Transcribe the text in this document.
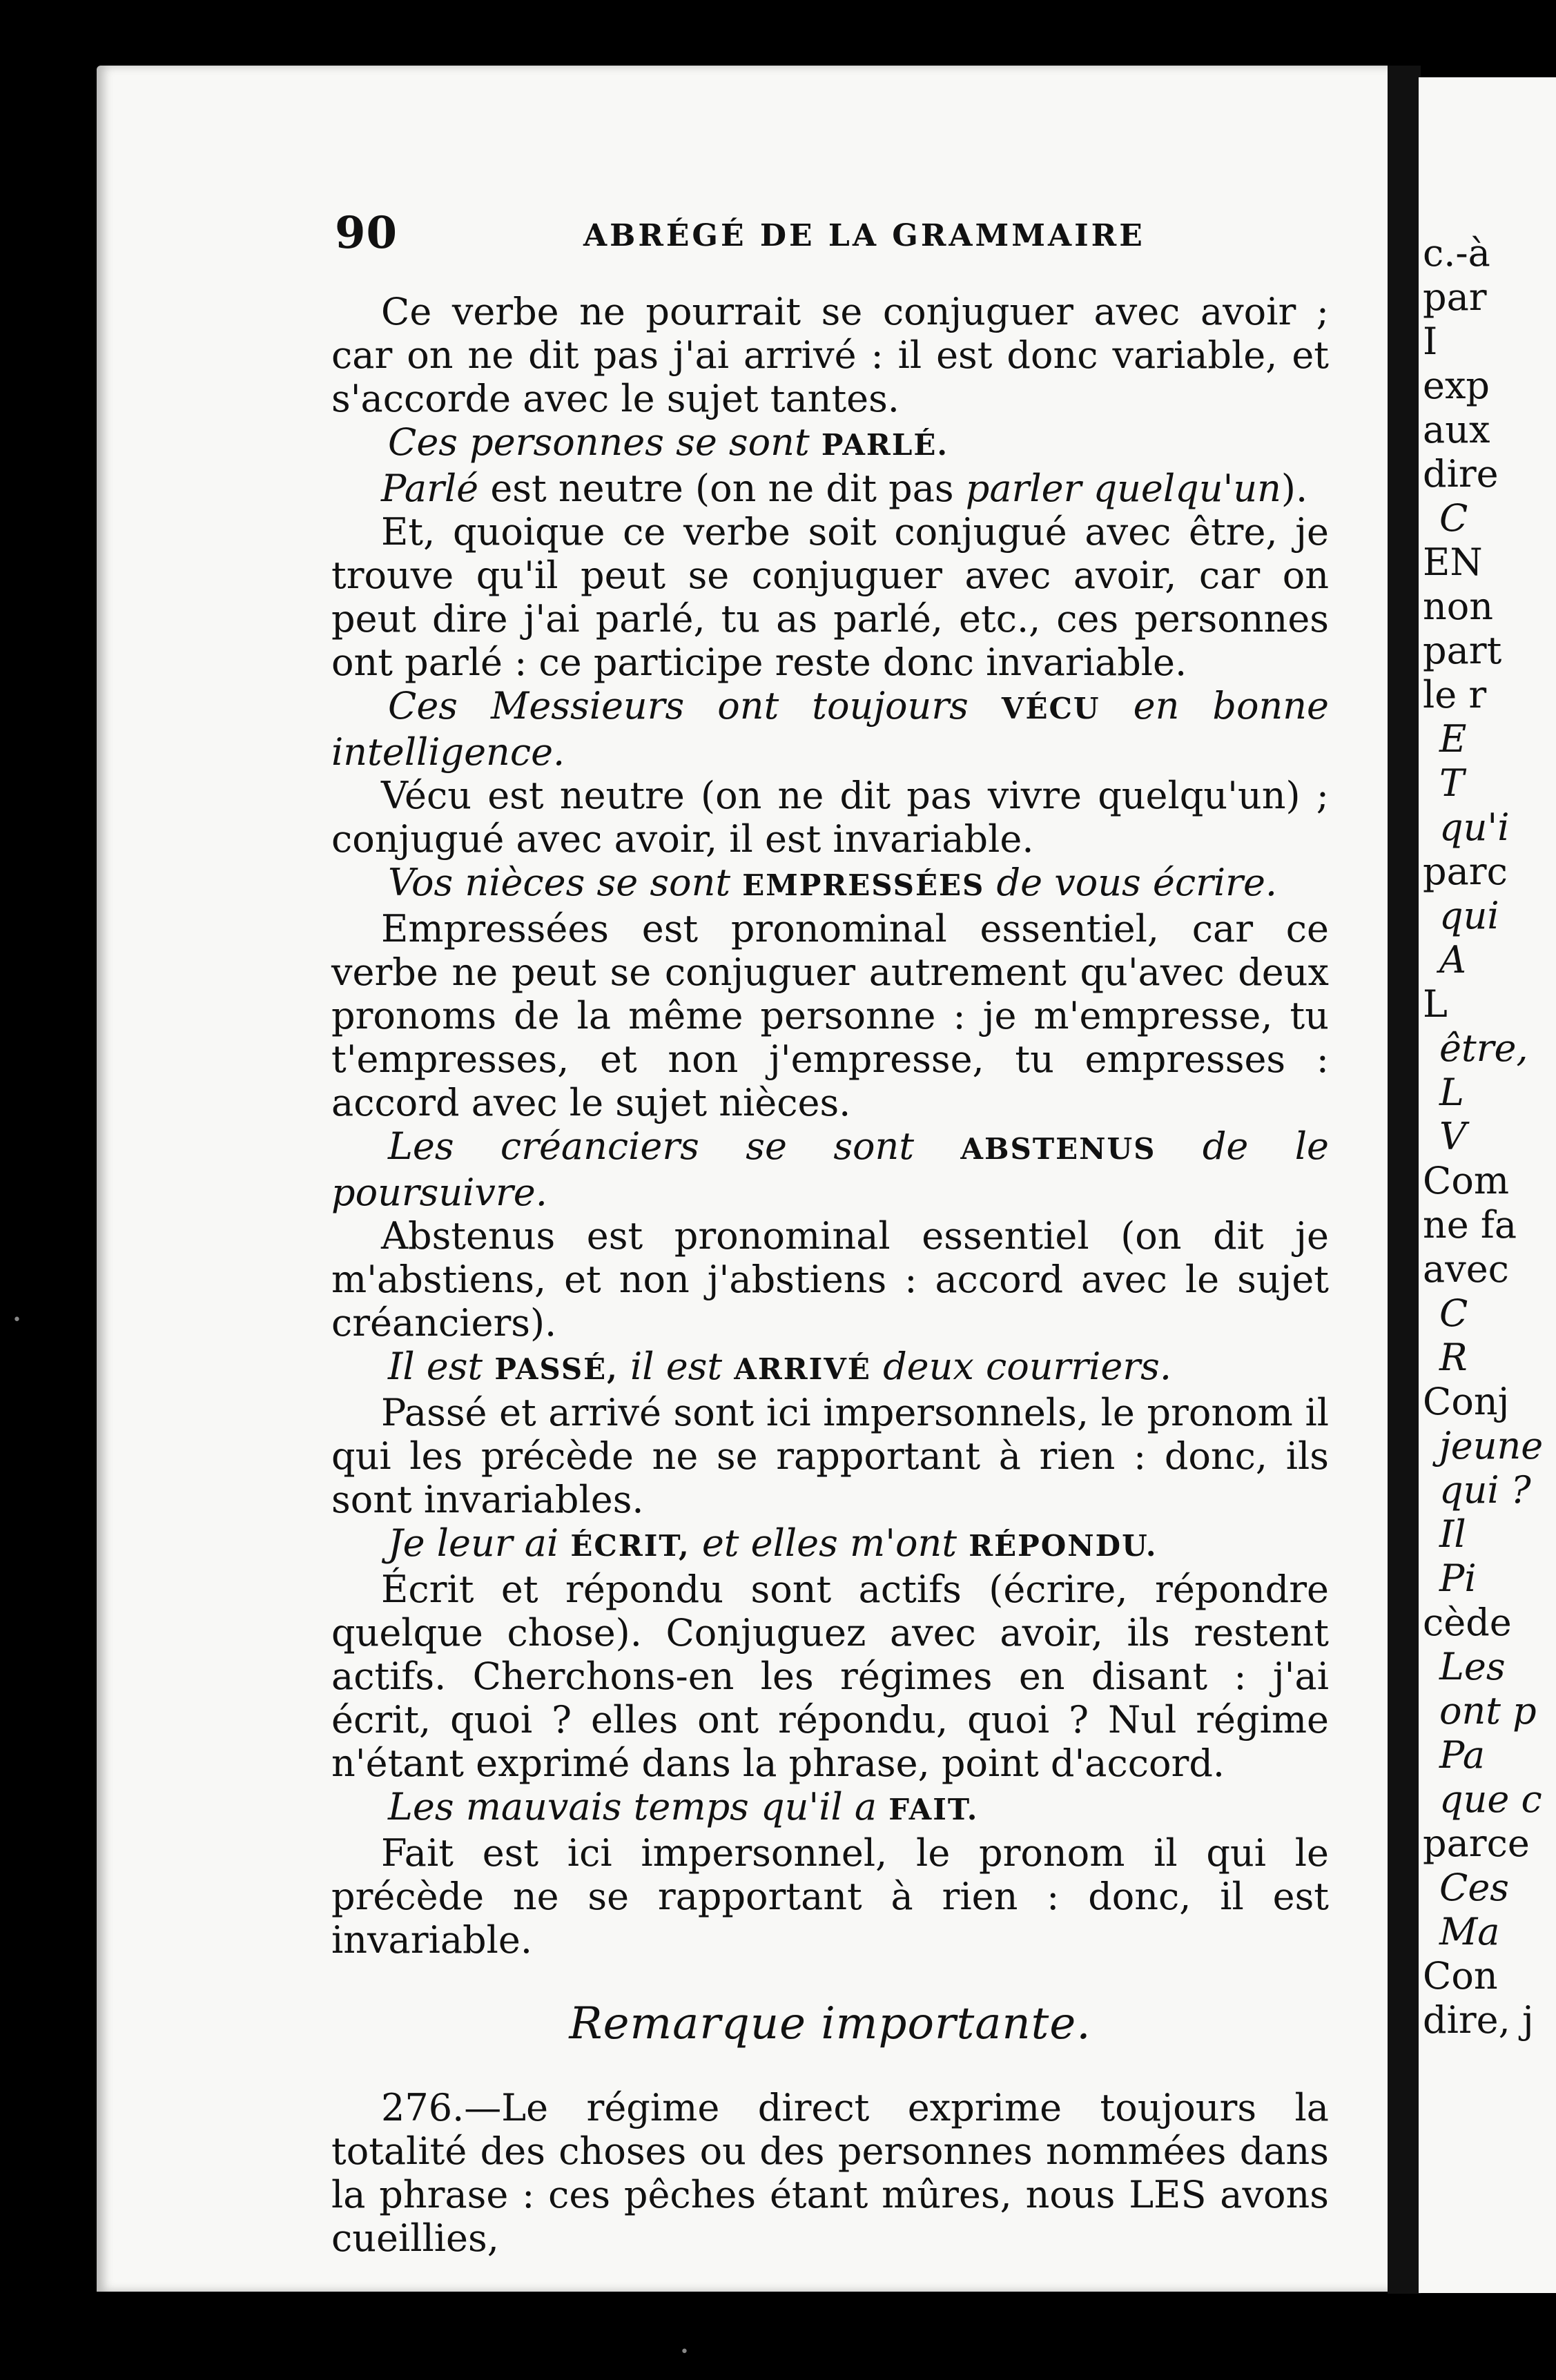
c.-à
par
I
exp
aux
dire
C
EN
non
part
le r
E
T
qu'i
parc
qui
A
L
être,
L
V
Com
ne fa
avec
C
R
Conj
jeune
qui ?
Il
Pi
cède
Les
ont p
Pa
que c
parce
Ces
Ma
Con
dire, j
90	ABRÉGÉ DE LA GRAMMAIRE

Ce verbe ne pourrait se conjuguer avec avoir ; car on ne dit pas j'ai arrivé : il est donc variable, et s'accorde avec le sujet tantes.

Ces personnes se sont PARLÉ.

Parlé est neutre (on ne dit pas parler quelqu'un).

Et, quoique ce verbe soit conjugué avec être, je trouve qu'il peut se conjuguer avec avoir, car on peut dire j'ai parlé, tu as parlé, etc., ces personnes ont parlé : ce participe reste donc invariable.

Ces Messieurs ont toujours VÉCU en bonne intelligence.

Vécu est neutre (on ne dit pas vivre quelqu'un) ; conjugué avec avoir, il est invariable.

Vos nièces se sont EMPRESSÉES de vous écrire.

Empressées est pronominal essentiel, car ce verbe ne peut se conjuguer autrement qu'avec deux pronoms de la même personne : je m'empresse, tu t'empresses, et non j'empresse, tu empresses : accord avec le sujet nièces.

Les créanciers se sont ABSTENUS de le poursuivre.

Abstenus est pronominal essentiel (on dit je m'abstiens, et non j'abstiens : accord avec le sujet créanciers).

Il est PASSÉ, il est ARRIVÉ deux courriers.

Passé et arrivé sont ici impersonnels, le pronom il qui les précède ne se rapportant à rien : donc, ils sont invariables.

Je leur ai ÉCRIT, et elles m'ont RÉPONDU.

Écrit et répondu sont actifs (écrire, répondre quelque chose). Conjuguez avec avoir, ils restent actifs. Cherchons-en les régimes en disant : j'ai écrit, quoi ? elles ont répondu, quoi ? Nul régime n'étant exprimé dans la phrase, point d'accord.

Les mauvais temps qu'il a FAIT.

Fait est ici impersonnel, le pronom il qui le précède ne se rapportant à rien : donc, il est invariable.

Remarque importante.

276.—Le régime direct exprime toujours la totalité des choses ou des personnes nommées dans la phrase : ces pêches étant mûres, nous LES avons cueillies,

•
•
